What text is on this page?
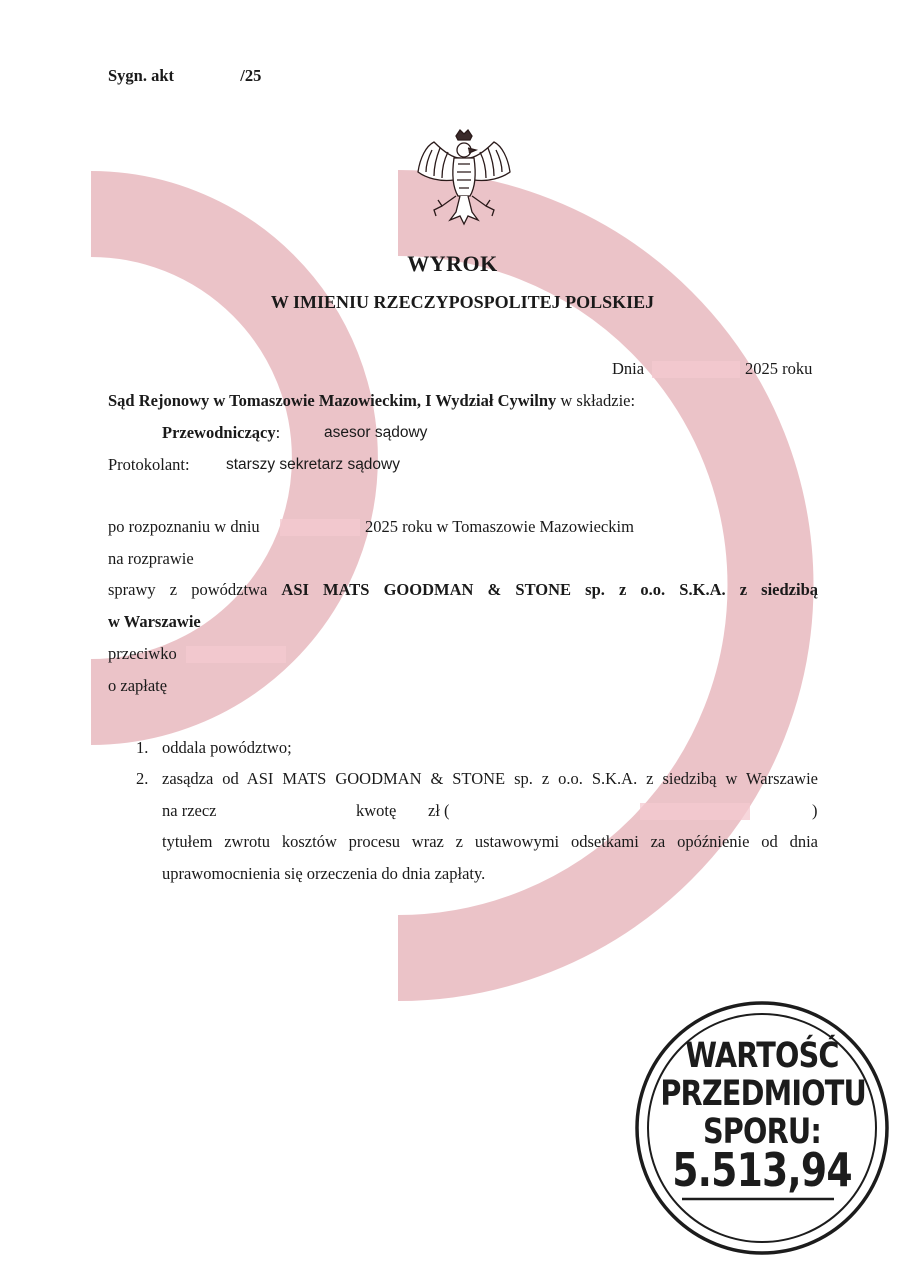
Sygn. akt	/25
WYROK
W IMIENIU RZECZYPOSPOLITEJ POLSKIEJ
Dnia	2025 roku
Sąd Rejonowy w Tomaszowie Mazowieckim, I Wydział Cywilny w składzie:
Przewodniczący:	asesor sądowy
Protokolant: starszy sekretarz sądowy
po rozpoznaniu w dniu	2025 roku w Tomaszowie Mazowieckim
na rozprawie
sprawy z powództwa ASI MATS GOODMAN & STONE sp. z o.o. S.K.A. z siedzibą
w Warszawie
przeciwko
o zapłatę
1. oddala powództwo;
2. zasądza od ASI MATS GOODMAN & STONE sp. z o.o. S.K.A. z siedzibą w Warszawie
na rzecz	kwotę zł (	)
tytułem zwrotu kosztów procesu wraz z ustawowymi odsetkami za opóźnienie od dnia
uprawomocnienia się orzeczenia do dnia zapłaty.
WARTOŚĆ
PRZEDMIOTU
SPORU:
5.513,94
